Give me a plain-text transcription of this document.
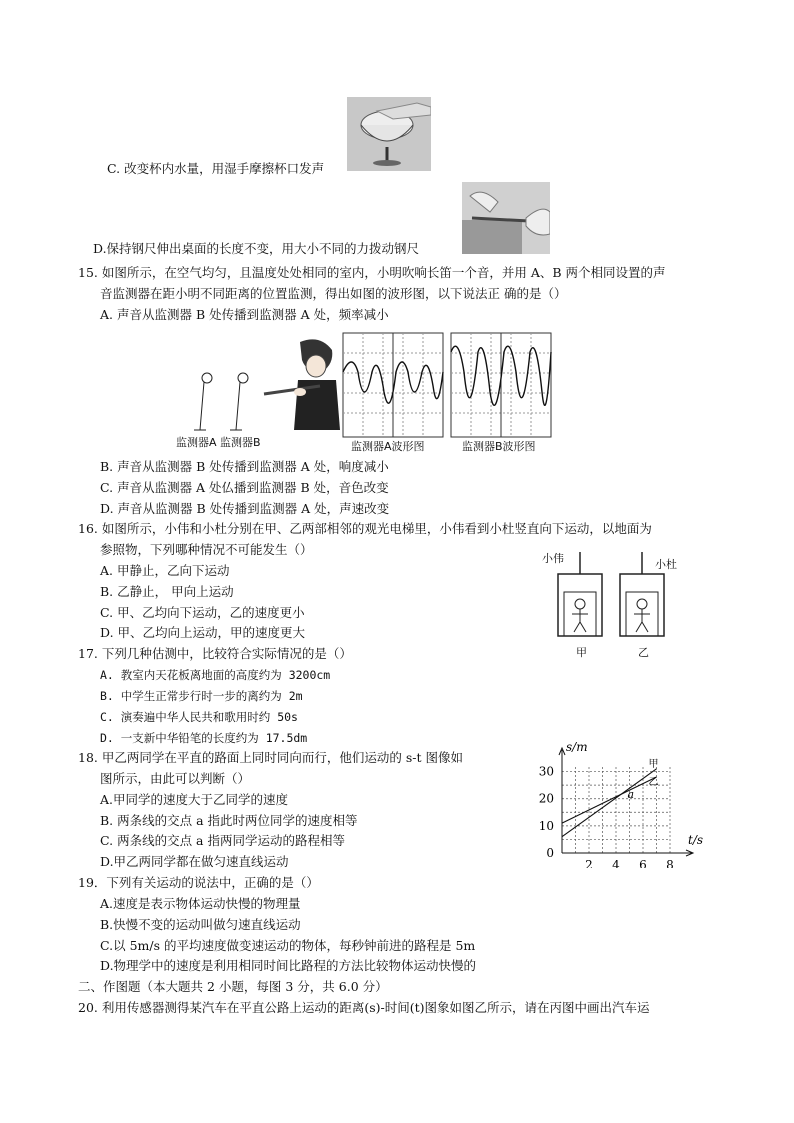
C. 改变杯内水量，用湿手摩擦杯口发声
D.保持钢尺伸出桌面的长度不变，用大小不同的力拨动钢尺
15. 如图所示，在空气均匀，且温度处处相同的室内，小明吹响长笛一个音，并用 A、B 两个相同设置的声
音监测器在距小明不同距离的位置监测，得出如图的波形图，以下说法正 确的是（）
A. 声音从监测器 B 处传播到监测器 A 处，频率减小
监测器A 监测器B	监测器A波形图	监测器B波形图
B. 声音从监测器 B 处传播到监测器 A 处，响度减小
C. 声音从监测器 A 处仏播到监测器 B 处，音色改变
D. 声音从监测器 B 处传播到监测器 A 处，声速改变
16. 如图所示，小伟和小杜分别在甲、乙两部相邻的观光电梯里，小伟看到小杜竖直向下运动，以地面为
参照物，下列哪种情况不可能发生（）
A. 甲静止，乙向下运动
B. 乙静止， 甲向上运动
C. 甲、乙均向下运动，乙的速度更小
D. 甲、乙均向上运动，甲的速度更大
小伟	小杜
甲	乙
17. 下列几种估测中，比较符合实际情况的是（）
A. 教室内天花板离地面的高度约为 3200cm
B. 中学生正常步行时一步的离约为 2m
C. 演奏遍中华人民共和歌用时约 50s
D. 一支新中华铅笔的长度约为 17.5dm
18. 甲乙两同学在平直的路面上同时同向而行，他们运动的 s-t 图像如
图所示，由此可以判断（）
A.甲同学的速度大于乙同学的速度
B. 两条线的交点 a 指此时两位同学的速度相等
C. 两条线的交点 a 指两同学运动的路程相等
D.甲乙两同学都在做匀速直线运动	2 4 6 8
0
10
20
30
甲
乙
a
s/m
t/s
19．下列有关运动的说法中，正确的是（）
A.速度是表示物体运动快慢的物理量
B.快慢不变的运动叫做匀速直线运动
C.以 5m/s 的平均速度做变速运动的物体，每秒钟前进的路程是 5m
D.物理学中的速度是利用相同时间比路程的方法比较物体运动快慢的
二、作图题（本大题共 2 小题，每图 3 分，共 6.0 分）
20. 利用传感器测得某汽车在平直公路上运动的距离(s)-时间(t)图象如图乙所示，请在丙图中画出汽车运
